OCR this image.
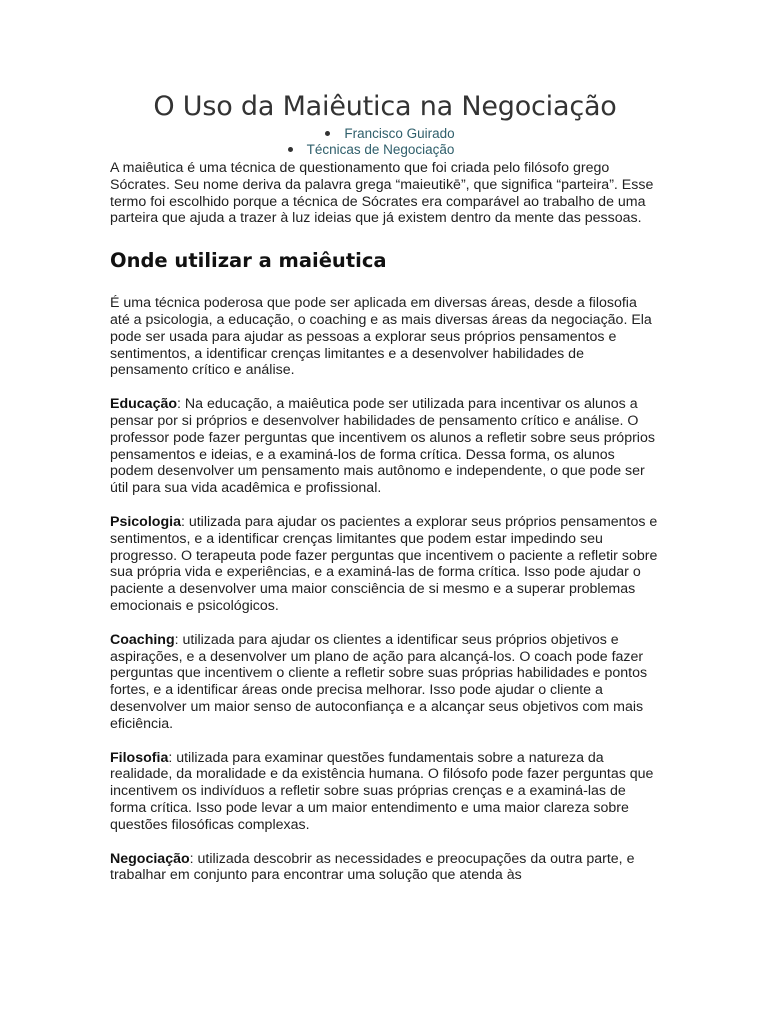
O Uso da Maiêutica na Negociação
Francisco Guirado
Técnicas de Negociação

A maiêutica é uma técnica de questionamento que foi criada pelo filósofo grego Sócrates. Seu nome deriva da palavra grega “maieutikē”, que significa “parteira”. Esse termo foi escolhido porque a técnica de Sócrates era comparável ao trabalho de uma parteira que ajuda a trazer à luz ideias que já existem dentro da mente das pessoas.

Onde utilizar a maiêutica

É uma técnica poderosa que pode ser aplicada em diversas áreas, desde a filosofia até a psicologia, a educação, o coaching e as mais diversas áreas da negociação. Ela pode ser usada para ajudar as pessoas a explorar seus próprios pensamentos e sentimentos, a identificar crenças limitantes e a desenvolver habilidades de pensamento crítico e análise.

Educação: Na educação, a maiêutica pode ser utilizada para incentivar os alunos a pensar por si próprios e desenvolver habilidades de pensamento crítico e análise. O professor pode fazer perguntas que incentivem os alunos a refletir sobre seus próprios pensamentos e ideias, e a examiná-los de forma crítica. Dessa forma, os alunos podem desenvolver um pensamento mais autônomo e independente, o que pode ser útil para sua vida acadêmica e profissional.

Psicologia: utilizada para ajudar os pacientes a explorar seus próprios pensamentos e sentimentos, e a identificar crenças limitantes que podem estar impedindo seu progresso. O terapeuta pode fazer perguntas que incentivem o paciente a refletir sobre sua própria vida e experiências, e a examiná-las de forma crítica. Isso pode ajudar o paciente a desenvolver uma maior consciência de si mesmo e a superar problemas emocionais e psicológicos.

Coaching: utilizada para ajudar os clientes a identificar seus próprios objetivos e aspirações, e a desenvolver um plano de ação para alcançá-los. O coach pode fazer perguntas que incentivem o cliente a refletir sobre suas próprias habilidades e pontos fortes, e a identificar áreas onde precisa melhorar. Isso pode ajudar o cliente a desenvolver um maior senso de autoconfiança e a alcançar seus objetivos com mais eficiência.

Filosofia: utilizada para examinar questões fundamentais sobre a natureza da realidade, da moralidade e da existência humana. O filósofo pode fazer perguntas que incentivem os indivíduos a refletir sobre suas próprias crenças e a examiná-las de forma crítica. Isso pode levar a um maior entendimento e uma maior clareza sobre questões filosóficas complexas.

Negociação: utilizada descobrir as necessidades e preocupações da outra parte, e trabalhar em conjunto para encontrar uma solução que atenda às
